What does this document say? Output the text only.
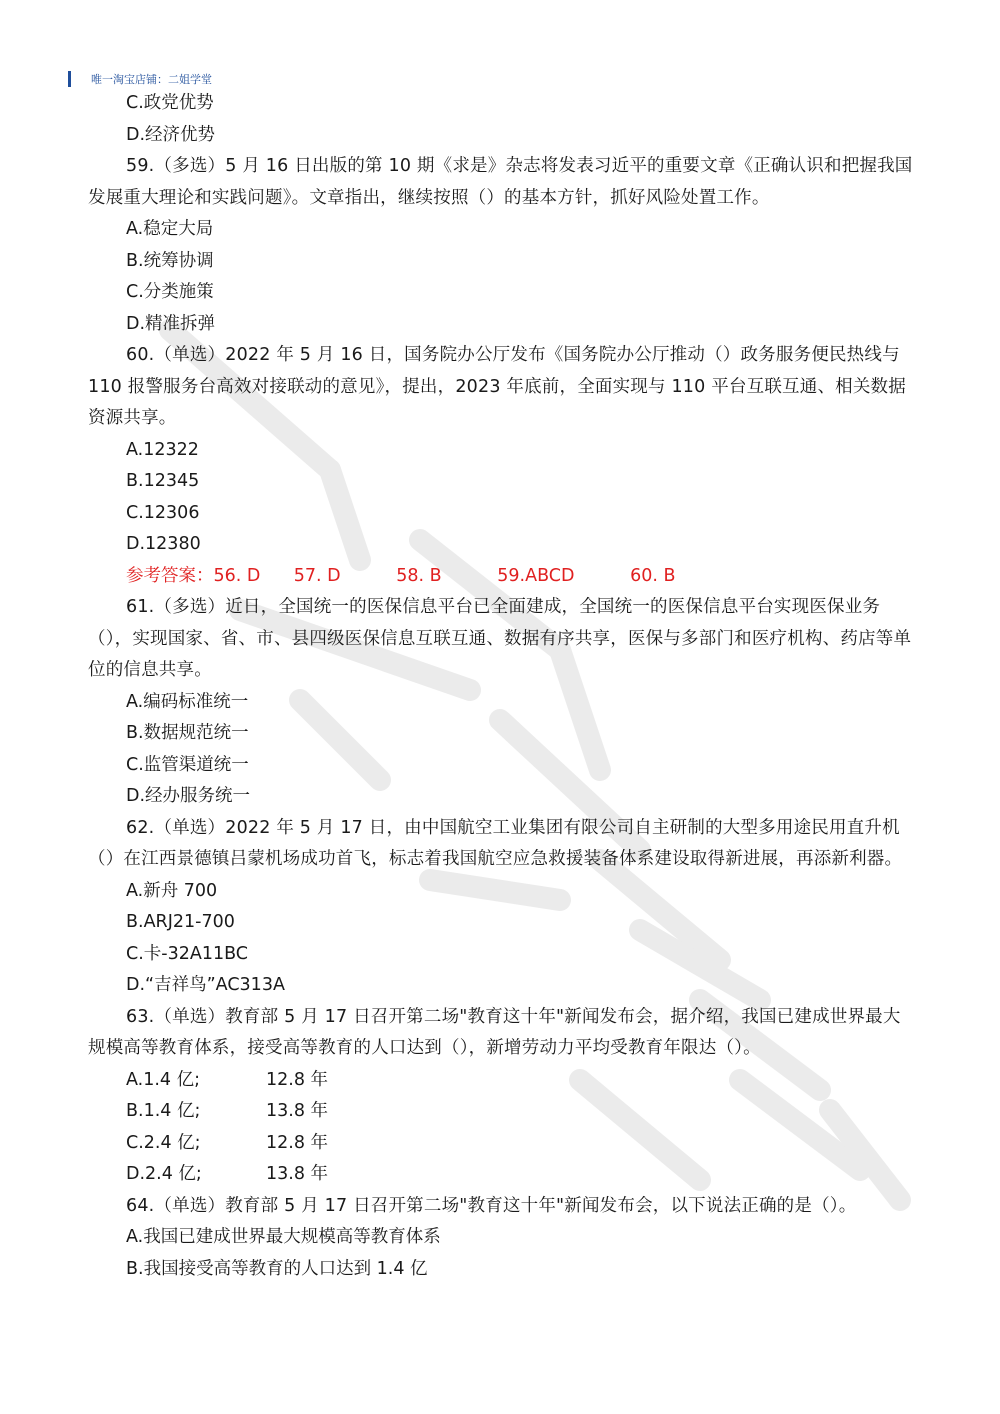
唯一淘宝店铺：二姐学堂
C.政党优势
D.经济优势
59.（多选）5 月 16 日出版的第 10 期《求是》杂志将发表习近平的重要文章《正确认识和把握我国发展重大理论和实践问题》。文章指出，继续按照（）的基本方针，抓好风险处置工作。
A.稳定大局
B.统筹协调
C.分类施策
D.精准拆弹
60.（单选）2022 年 5 月 16 日，国务院办公厅发布《国务院办公厅推动（）政务服务便民热线与 110 报警服务台高效对接联动的意见》，提出，2023 年底前，全面实现与 110 平台互联互通、相关数据资源共享。
A.12322
B.12345
C.12306
D.12380
参考答案：56. D      57. D          58. B          59.ABCD          60. B
61.（多选）近日，全国统一的医保信息平台已全面建成，全国统一的医保信息平台实现医保业务（），实现国家、省、市、县四级医保信息互联互通、数据有序共享，医保与多部门和医疗机构、药店等单位的信息共享。
A.编码标准统一
B.数据规范统一
C.监管渠道统一
D.经办服务统一
62.（单选）2022 年 5 月 17 日，由中国航空工业集团有限公司自主研制的大型多用途民用直升机（）在江西景德镇吕蒙机场成功首飞，标志着我国航空应急救援装备体系建设取得新进展，再添新利器。
A.新舟 700
B.ARJ21-700
C.卡-32A11BC
D.“吉祥鸟”AC313A
63.（单选）教育部 5 月 17 日召开第二场"教育这十年"新闻发布会，据介绍，我国已建成世界最大规模高等教育体系，接受高等教育的人口达到（），新增劳动力平均受教育年限达（）。
A.1.4 亿;	12.8 年
B.1.4 亿;	13.8 年
C.2.4 亿;	12.8 年
D.2.4 亿;	13.8 年
64.（单选）教育部 5 月 17 日召开第二场"教育这十年"新闻发布会，以下说法正确的是（）。
A.我国已建成世界最大规模高等教育体系
B.我国接受高等教育的人口达到 1.4 亿
